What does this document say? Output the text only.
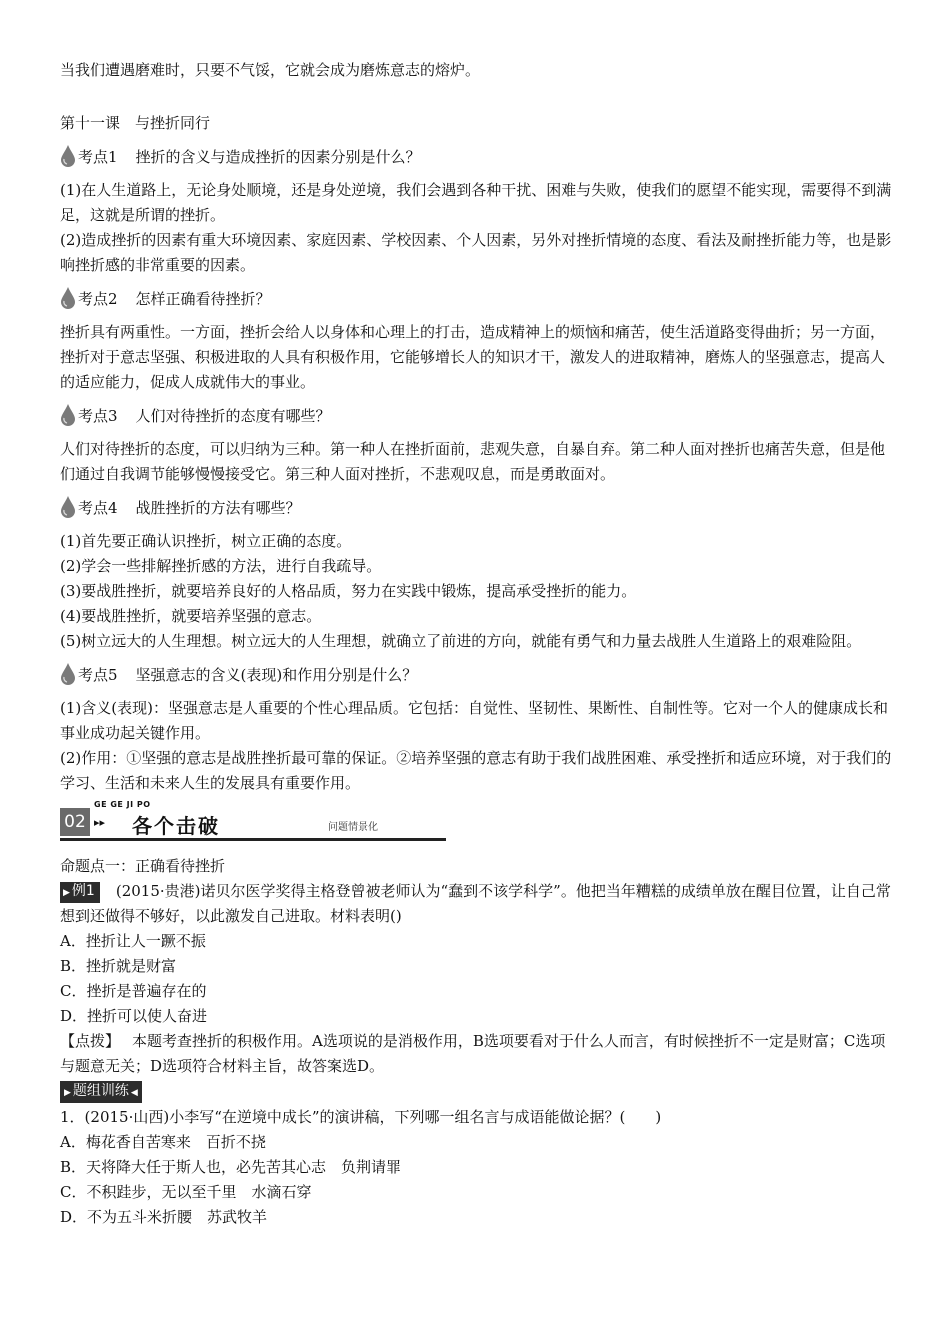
当我们遭遇磨难时，只要不气馁，它就会成为磨炼意志的熔炉。

第十一课　与挫折同行

考点1 挫折的含义与造成挫折的因素分别是什么？

(1)在人生道路上，无论身处顺境，还是身处逆境，我们会遇到各种干扰、困难与失败，使我们的愿望不能实现，需要得不到满足，这就是所谓的挫折。

(2)造成挫折的因素有重大环境因素、家庭因素、学校因素、个人因素，另外对挫折情境的态度、看法及耐挫折能力等，也是影响挫折感的非常重要的因素。

考点2 怎样正确看待挫折？

挫折具有两重性。一方面，挫折会给人以身体和心理上的打击，造成精神上的烦恼和痛苦，使生活道路变得曲折；另一方面，挫折对于意志坚强、积极进取的人具有积极作用，它能够增长人的知识才干，激发人的进取精神，磨炼人的坚强意志，提高人的适应能力，促成人成就伟大的事业。

考点3 人们对待挫折的态度有哪些？

人们对待挫折的态度，可以归纳为三种。第一种人在挫折面前，悲观失意，自暴自弃。第二种人面对挫折也痛苦失意，但是他们通过自我调节能够慢慢接受它。第三种人面对挫折，不悲观叹息，而是勇敢面对。

考点4 战胜挫折的方法有哪些？

(1)首先要正确认识挫折，树立正确的态度。

(2)学会一些排解挫折感的方法，进行自我疏导。

(3)要战胜挫折，就要培养良好的人格品质，努力在实践中锻炼，提高承受挫折的能力。

(4)要战胜挫折，就要培养坚强的意志。

(5)树立远大的人生理想。树立远大的人生理想，就确立了前进的方向，就能有勇气和力量去战胜人生道路上的艰难险阻。

考点5 坚强意志的含义(表现)和作用分别是什么？

(1)含义(表现)：坚强意志是人重要的个性心理品质。它包括：自觉性、坚韧性、果断性、自制性等。它对一个人的健康成长和事业成功起关键作用。

(2)作用：①坚强的意志是战胜挫折最可靠的保证。②培养坚强的意志有助于我们战胜困难、承受挫折和适应环境，对于我们的学习、生活和未来人生的发展具有重要作用。

02
GE GE JI PO
▸▸ 各个击破	问题情景化

命题点一：正确看待挫折

▶ 例1 (2015·贵港)诺贝尔医学奖得主格登曾被老师认为“蠢到不该学科学”。他把当年糟糕的成绩单放在醒目位置，让自己常想到还做得不够好，以此激发自己进取。材料表明()

A．挫折让人一蹶不振

B．挫折就是财富

C．挫折是普遍存在的

D．挫折可以使人奋进

【点拨】 本题考查挫折的积极作用。A选项说的是消极作用，B选项要看对于什么人而言，有时候挫折不一定是财富；C选项与题意无关；D选项符合材料主旨，故答案选D。

▶ 题组训练 ◀

1．(2015·山西)小李写“在逆境中成长”的演讲稿，下列哪一组名言与成语能做论据？(　　)

A．梅花香自苦寒来　百折不挠

B．天将降大任于斯人也，必先苦其心志　负荆请罪

C．不积跬步，无以至千里　水滴石穿

D．不为五斗米折腰　苏武牧羊
